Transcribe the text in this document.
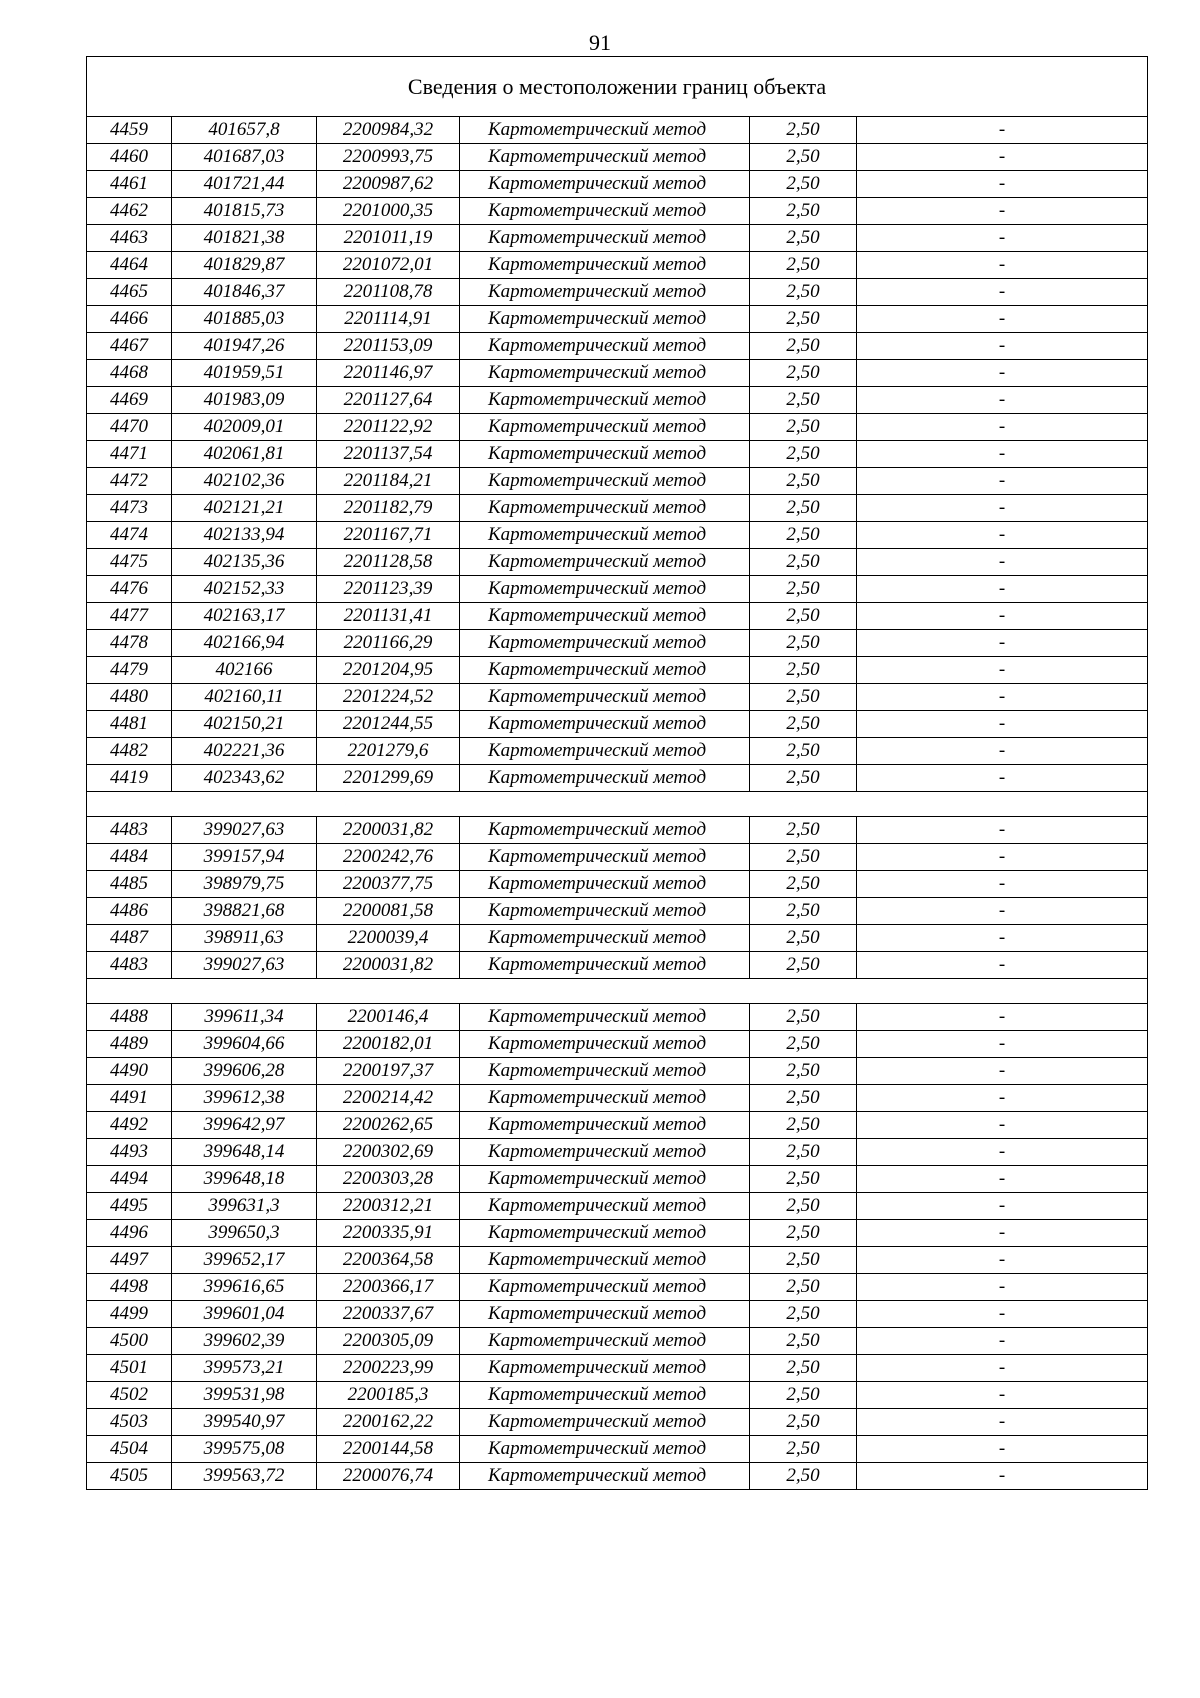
91
Сведения о местоположении границ объекта					
4459	401657,8	2200984,32	Картометрический метод	2,50	-
4460	401687,03	2200993,75	Картометрический метод	2,50	-
4461	401721,44	2200987,62	Картометрический метод	2,50	-
4462	401815,73	2201000,35	Картометрический метод	2,50	-
4463	401821,38	2201011,19	Картометрический метод	2,50	-
4464	401829,87	2201072,01	Картометрический метод	2,50	-
4465	401846,37	2201108,78	Картометрический метод	2,50	-
4466	401885,03	2201114,91	Картометрический метод	2,50	-
4467	401947,26	2201153,09	Картометрический метод	2,50	-
4468	401959,51	2201146,97	Картометрический метод	2,50	-
4469	401983,09	2201127,64	Картометрический метод	2,50	-
4470	402009,01	2201122,92	Картометрический метод	2,50	-
4471	402061,81	2201137,54	Картометрический метод	2,50	-
4472	402102,36	2201184,21	Картометрический метод	2,50	-
4473	402121,21	2201182,79	Картометрический метод	2,50	-
4474	402133,94	2201167,71	Картометрический метод	2,50	-
4475	402135,36	2201128,58	Картометрический метод	2,50	-
4476	402152,33	2201123,39	Картометрический метод	2,50	-
4477	402163,17	2201131,41	Картометрический метод	2,50	-
4478	402166,94	2201166,29	Картометрический метод	2,50	-
4479	402166	2201204,95	Картометрический метод	2,50	-
4480	402160,11	2201224,52	Картометрический метод	2,50	-
4481	402150,21	2201244,55	Картометрический метод	2,50	-
4482	402221,36	2201279,6	Картометрический метод	2,50	-
4419	402343,62	2201299,69	Картометрический метод	2,50	-

4483	399027,63	2200031,82	Картометрический метод	2,50	-
4484	399157,94	2200242,76	Картометрический метод	2,50	-
4485	398979,75	2200377,75	Картометрический метод	2,50	-
4486	398821,68	2200081,58	Картометрический метод	2,50	-
4487	398911,63	2200039,4	Картометрический метод	2,50	-
4483	399027,63	2200031,82	Картометрический метод	2,50	-

4488	399611,34	2200146,4	Картометрический метод	2,50	-
4489	399604,66	2200182,01	Картометрический метод	2,50	-
4490	399606,28	2200197,37	Картометрический метод	2,50	-
4491	399612,38	2200214,42	Картометрический метод	2,50	-
4492	399642,97	2200262,65	Картометрический метод	2,50	-
4493	399648,14	2200302,69	Картометрический метод	2,50	-
4494	399648,18	2200303,28	Картометрический метод	2,50	-
4495	399631,3	2200312,21	Картометрический метод	2,50	-
4496	399650,3	2200335,91	Картометрический метод	2,50	-
4497	399652,17	2200364,58	Картометрический метод	2,50	-
4498	399616,65	2200366,17	Картометрический метод	2,50	-
4499	399601,04	2200337,67	Картометрический метод	2,50	-
4500	399602,39	2200305,09	Картометрический метод	2,50	-
4501	399573,21	2200223,99	Картометрический метод	2,50	-
4502	399531,98	2200185,3	Картометрический метод	2,50	-
4503	399540,97	2200162,22	Картометрический метод	2,50	-
4504	399575,08	2200144,58	Картометрический метод	2,50	-
4505	399563,72	2200076,74	Картометрический метод	2,50	-
